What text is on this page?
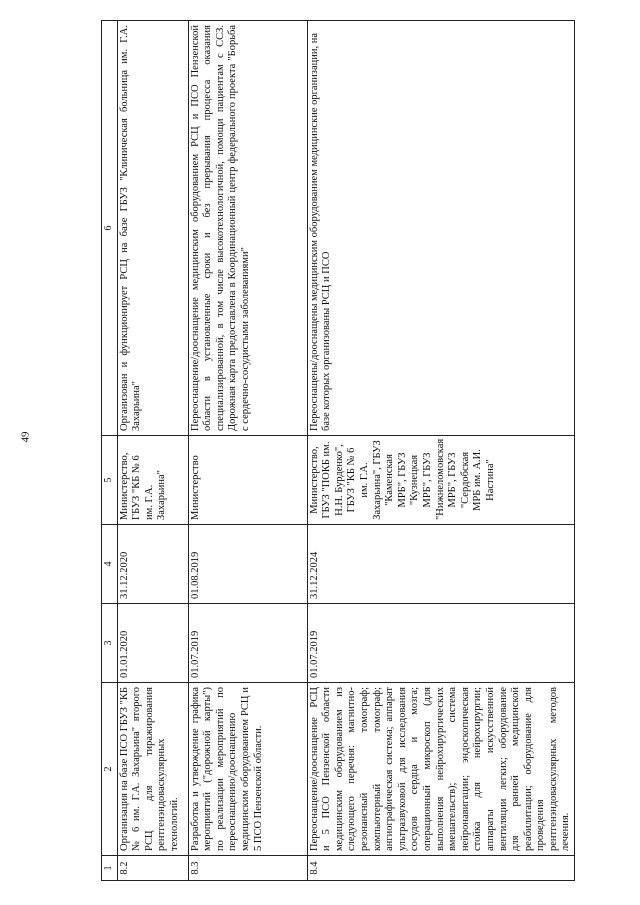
49
1	2	3	4	5	6
8.2	Организация на базе ПСО ГБУЗ "КБ № 6 им. Г.А. Захарьина" второго РСЦ для тиражирования рентгенэндоваскулярных технологий.	01.01.2020	31.12.2020	Министерство, ГБУЗ "КБ № 6 им. Г.А. Захарьина"	Организован и функционирует РСЦ на базе ГБУЗ "Клиническая больница им. Г.А. Захарьина"
8.3	Разработка и утверждение графика мероприятий ("дорожной карты") по реализации мероприятий по переоснащению/дооснащению медицинским оборудованием РСЦ и 5 ПСО Пензенской области.	01.07.2019	01.08.2019	Министерство	Переоснащение/дооснащение медицинским оборудованием РСЦ и ПСО Пензенской области в установленные сроки и без прерывания процесса оказания специализированной, в том числе высокотехнологичной, помощи пациентам с ССЗ. Дорожная карта предоставлена в Координационный центр федерального проекта "Борьба с сердечно-сосудистыми заболеваниями"
8.4	Переоснащение/дооснащение РСЦ и 5 ПСО Пензенской области медицинским оборудованием из следующего перечня: магнитно-резонансный томограф; компьютерный томограф; ангиографическая система; аппарат ультразвуковой для исследования сосудов сердца и мозга; операционный микроскоп (для выполнения нейрохирургических вмешательств); система нейронавигации; эндоскопическая стойка для нейрохирургии; аппараты искусственной вентиляции легких; оборудование для ранней медицинской реабилитации; оборудование для проведения рентгенэндоваскулярных методов лечения.	01.07.2019	31.12.2024	Министерство, ГБУЗ "ПОКБ им. Н.Н. Бурденко", ГБУЗ "КБ № 6 им. Г.А. Захарьина", ГБУЗ "Каменская МРБ", ГБУЗ "Кузнецкая МРБ", ГБУЗ "Нижнеломовская МРБ", ГБУЗ "Сердобская МРБ им. А.И. Настина"	Переоснащены/дооснащены медицинским оборудованием медицинские организации, на базе которых организованы РСЦ и ПСО
